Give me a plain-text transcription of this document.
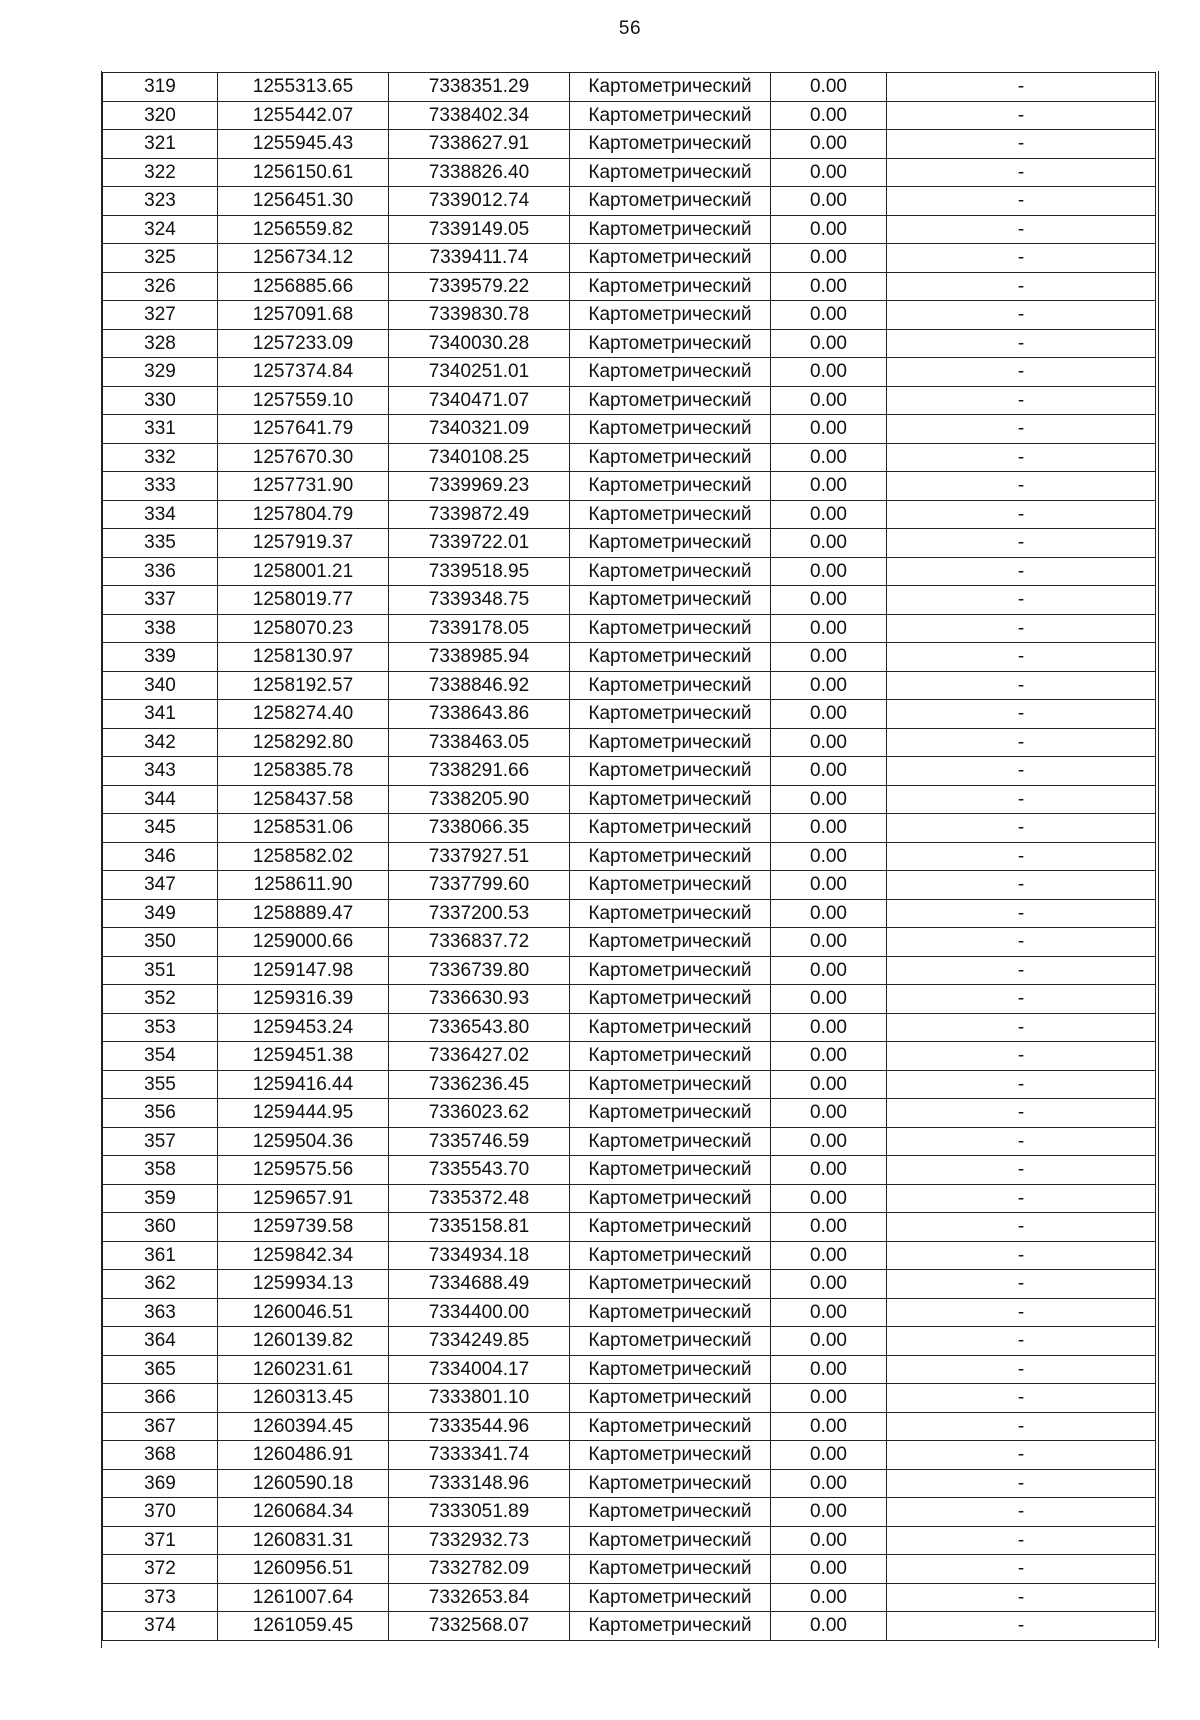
56
319	1255313.65	7338351.29	Картометрический	0.00	-
320	1255442.07	7338402.34	Картометрический	0.00	-
321	1255945.43	7338627.91	Картометрический	0.00	-
322	1256150.61	7338826.40	Картометрический	0.00	-
323	1256451.30	7339012.74	Картометрический	0.00	-
324	1256559.82	7339149.05	Картометрический	0.00	-
325	1256734.12	7339411.74	Картометрический	0.00	-
326	1256885.66	7339579.22	Картометрический	0.00	-
327	1257091.68	7339830.78	Картометрический	0.00	-
328	1257233.09	7340030.28	Картометрический	0.00	-
329	1257374.84	7340251.01	Картометрический	0.00	-
330	1257559.10	7340471.07	Картометрический	0.00	-
331	1257641.79	7340321.09	Картометрический	0.00	-
332	1257670.30	7340108.25	Картометрический	0.00	-
333	1257731.90	7339969.23	Картометрический	0.00	-
334	1257804.79	7339872.49	Картометрический	0.00	-
335	1257919.37	7339722.01	Картометрический	0.00	-
336	1258001.21	7339518.95	Картометрический	0.00	-
337	1258019.77	7339348.75	Картометрический	0.00	-
338	1258070.23	7339178.05	Картометрический	0.00	-
339	1258130.97	7338985.94	Картометрический	0.00	-
340	1258192.57	7338846.92	Картометрический	0.00	-
341	1258274.40	7338643.86	Картометрический	0.00	-
342	1258292.80	7338463.05	Картометрический	0.00	-
343	1258385.78	7338291.66	Картометрический	0.00	-
344	1258437.58	7338205.90	Картометрический	0.00	-
345	1258531.06	7338066.35	Картометрический	0.00	-
346	1258582.02	7337927.51	Картометрический	0.00	-
347	1258611.90	7337799.60	Картометрический	0.00	-
349	1258889.47	7337200.53	Картометрический	0.00	-
350	1259000.66	7336837.72	Картометрический	0.00	-
351	1259147.98	7336739.80	Картометрический	0.00	-
352	1259316.39	7336630.93	Картометрический	0.00	-
353	1259453.24	7336543.80	Картометрический	0.00	-
354	1259451.38	7336427.02	Картометрический	0.00	-
355	1259416.44	7336236.45	Картометрический	0.00	-
356	1259444.95	7336023.62	Картометрический	0.00	-
357	1259504.36	7335746.59	Картометрический	0.00	-
358	1259575.56	7335543.70	Картометрический	0.00	-
359	1259657.91	7335372.48	Картометрический	0.00	-
360	1259739.58	7335158.81	Картометрический	0.00	-
361	1259842.34	7334934.18	Картометрический	0.00	-
362	1259934.13	7334688.49	Картометрический	0.00	-
363	1260046.51	7334400.00	Картометрический	0.00	-
364	1260139.82	7334249.85	Картометрический	0.00	-
365	1260231.61	7334004.17	Картометрический	0.00	-
366	1260313.45	7333801.10	Картометрический	0.00	-
367	1260394.45	7333544.96	Картометрический	0.00	-
368	1260486.91	7333341.74	Картометрический	0.00	-
369	1260590.18	7333148.96	Картометрический	0.00	-
370	1260684.34	7333051.89	Картометрический	0.00	-
371	1260831.31	7332932.73	Картометрический	0.00	-
372	1260956.51	7332782.09	Картометрический	0.00	-
373	1261007.64	7332653.84	Картометрический	0.00	-
374	1261059.45	7332568.07	Картометрический	0.00	-
